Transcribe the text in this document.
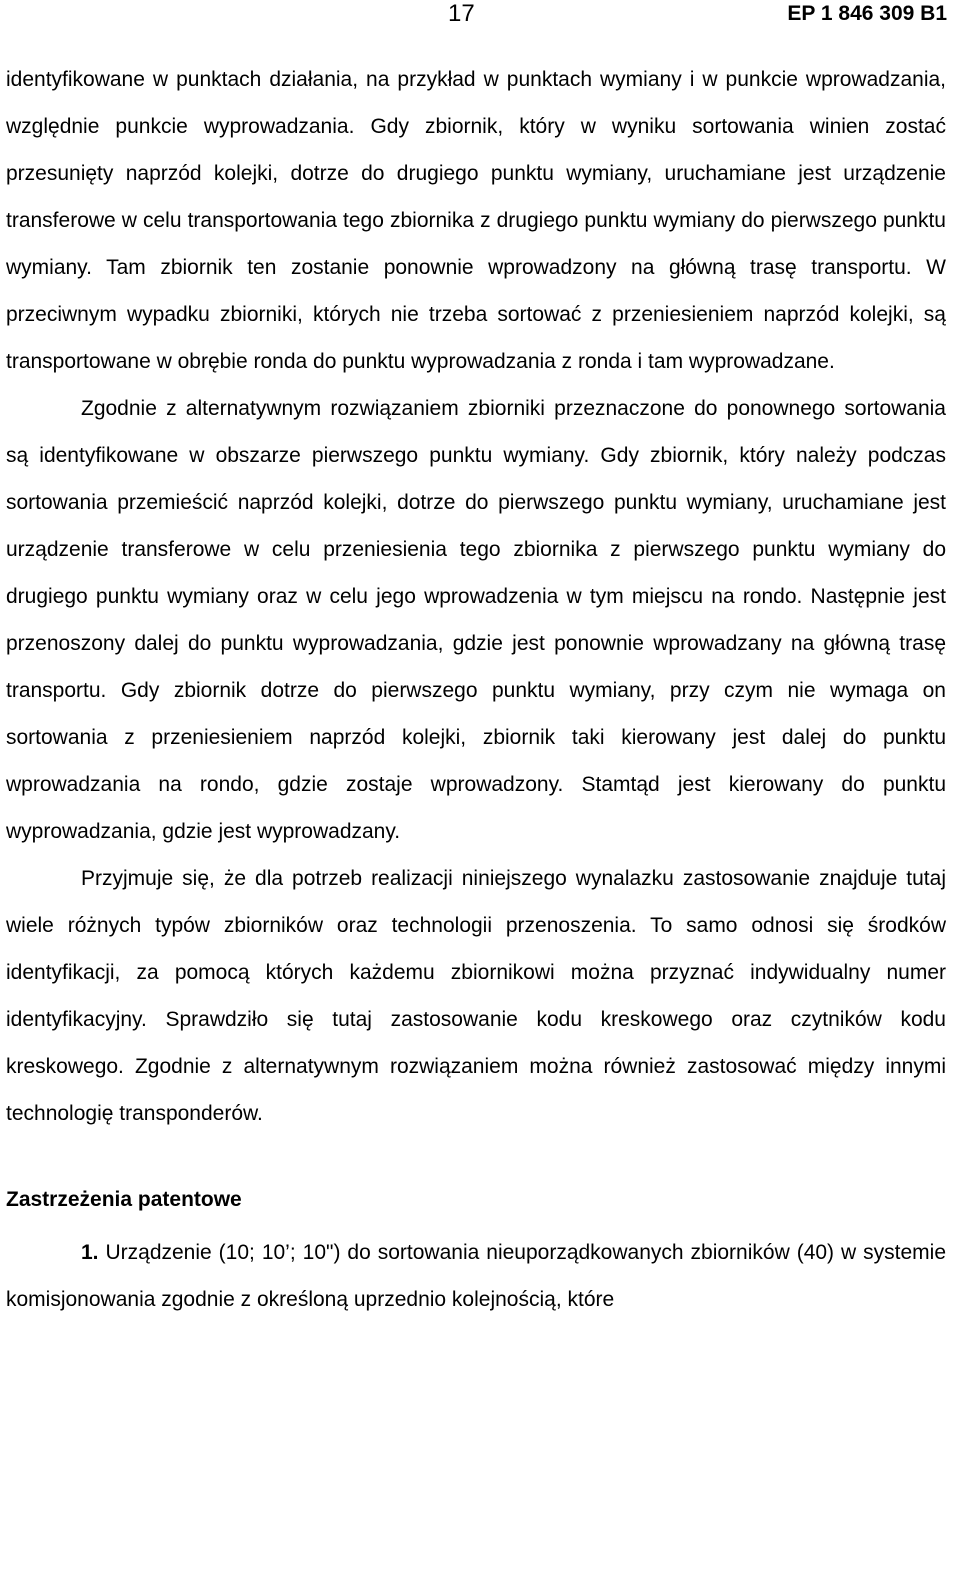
17	EP 1 846 309 B1

identyfikowane w punktach działania, na przykład w punktach wymiany i w punkcie wprowadzania, względnie punkcie wyprowadzania. Gdy zbiornik, który w wyniku sortowania winien zostać przesunięty naprzód kolejki, dotrze do drugiego punktu wymiany, uruchamiane jest urządzenie transferowe w celu transportowania tego zbiornika z drugiego punktu wymiany do pierwszego punktu wymiany. Tam zbiornik ten zostanie ponownie wprowadzony na główną trasę transportu. W przeciwnym wypadku zbiorniki, których nie trzeba sortować z przeniesieniem naprzód kolejki, są transportowane w obrębie ronda do punktu wyprowadzania z ronda i tam wyprowadzane.

Zgodnie z alternatywnym rozwiązaniem zbiorniki przeznaczone do ponownego sortowania są identyfikowane w obszarze pierwszego punktu wymiany. Gdy zbiornik, który należy podczas sortowania przemieścić naprzód kolejki, dotrze do pierwszego punktu wymiany, uruchamiane jest urządzenie transferowe w celu przeniesienia tego zbiornika z pierwszego punktu wymiany do drugiego punktu wymiany oraz w celu jego wprowadzenia w tym miejscu na rondo. Następnie jest przenoszony dalej do punktu wyprowadzania, gdzie jest ponownie wprowadzany na główną trasę transportu. Gdy zbiornik dotrze do pierwszego punktu wymiany, przy czym nie wymaga on sortowania z przeniesieniem naprzód kolejki, zbiornik taki kierowany jest dalej do punktu wprowadzania na rondo, gdzie zostaje wprowadzony. Stamtąd jest kierowany do punktu wyprowadzania, gdzie jest wyprowadzany.

Przyjmuje się, że dla potrzeb realizacji niniejszego wynalazku zastosowanie znajduje tutaj wiele różnych typów zbiorników oraz technologii przenoszenia. To samo odnosi się środków identyfikacji, za pomocą których każdemu zbiornikowi można przyznać indywidualny numer identyfikacyjny. Sprawdziło się tutaj zastosowanie kodu kreskowego oraz czytników kodu kreskowego. Zgodnie z alternatywnym rozwiązaniem można również zastosować między innymi technologię transponderów.

Zastrzeżenia patentowe

1. Urządzenie (10; 10’; 10") do sortowania nieuporządkowanych zbiorników (40) w systemie komisjonowania zgodnie z określoną uprzednio kolejnością, które
